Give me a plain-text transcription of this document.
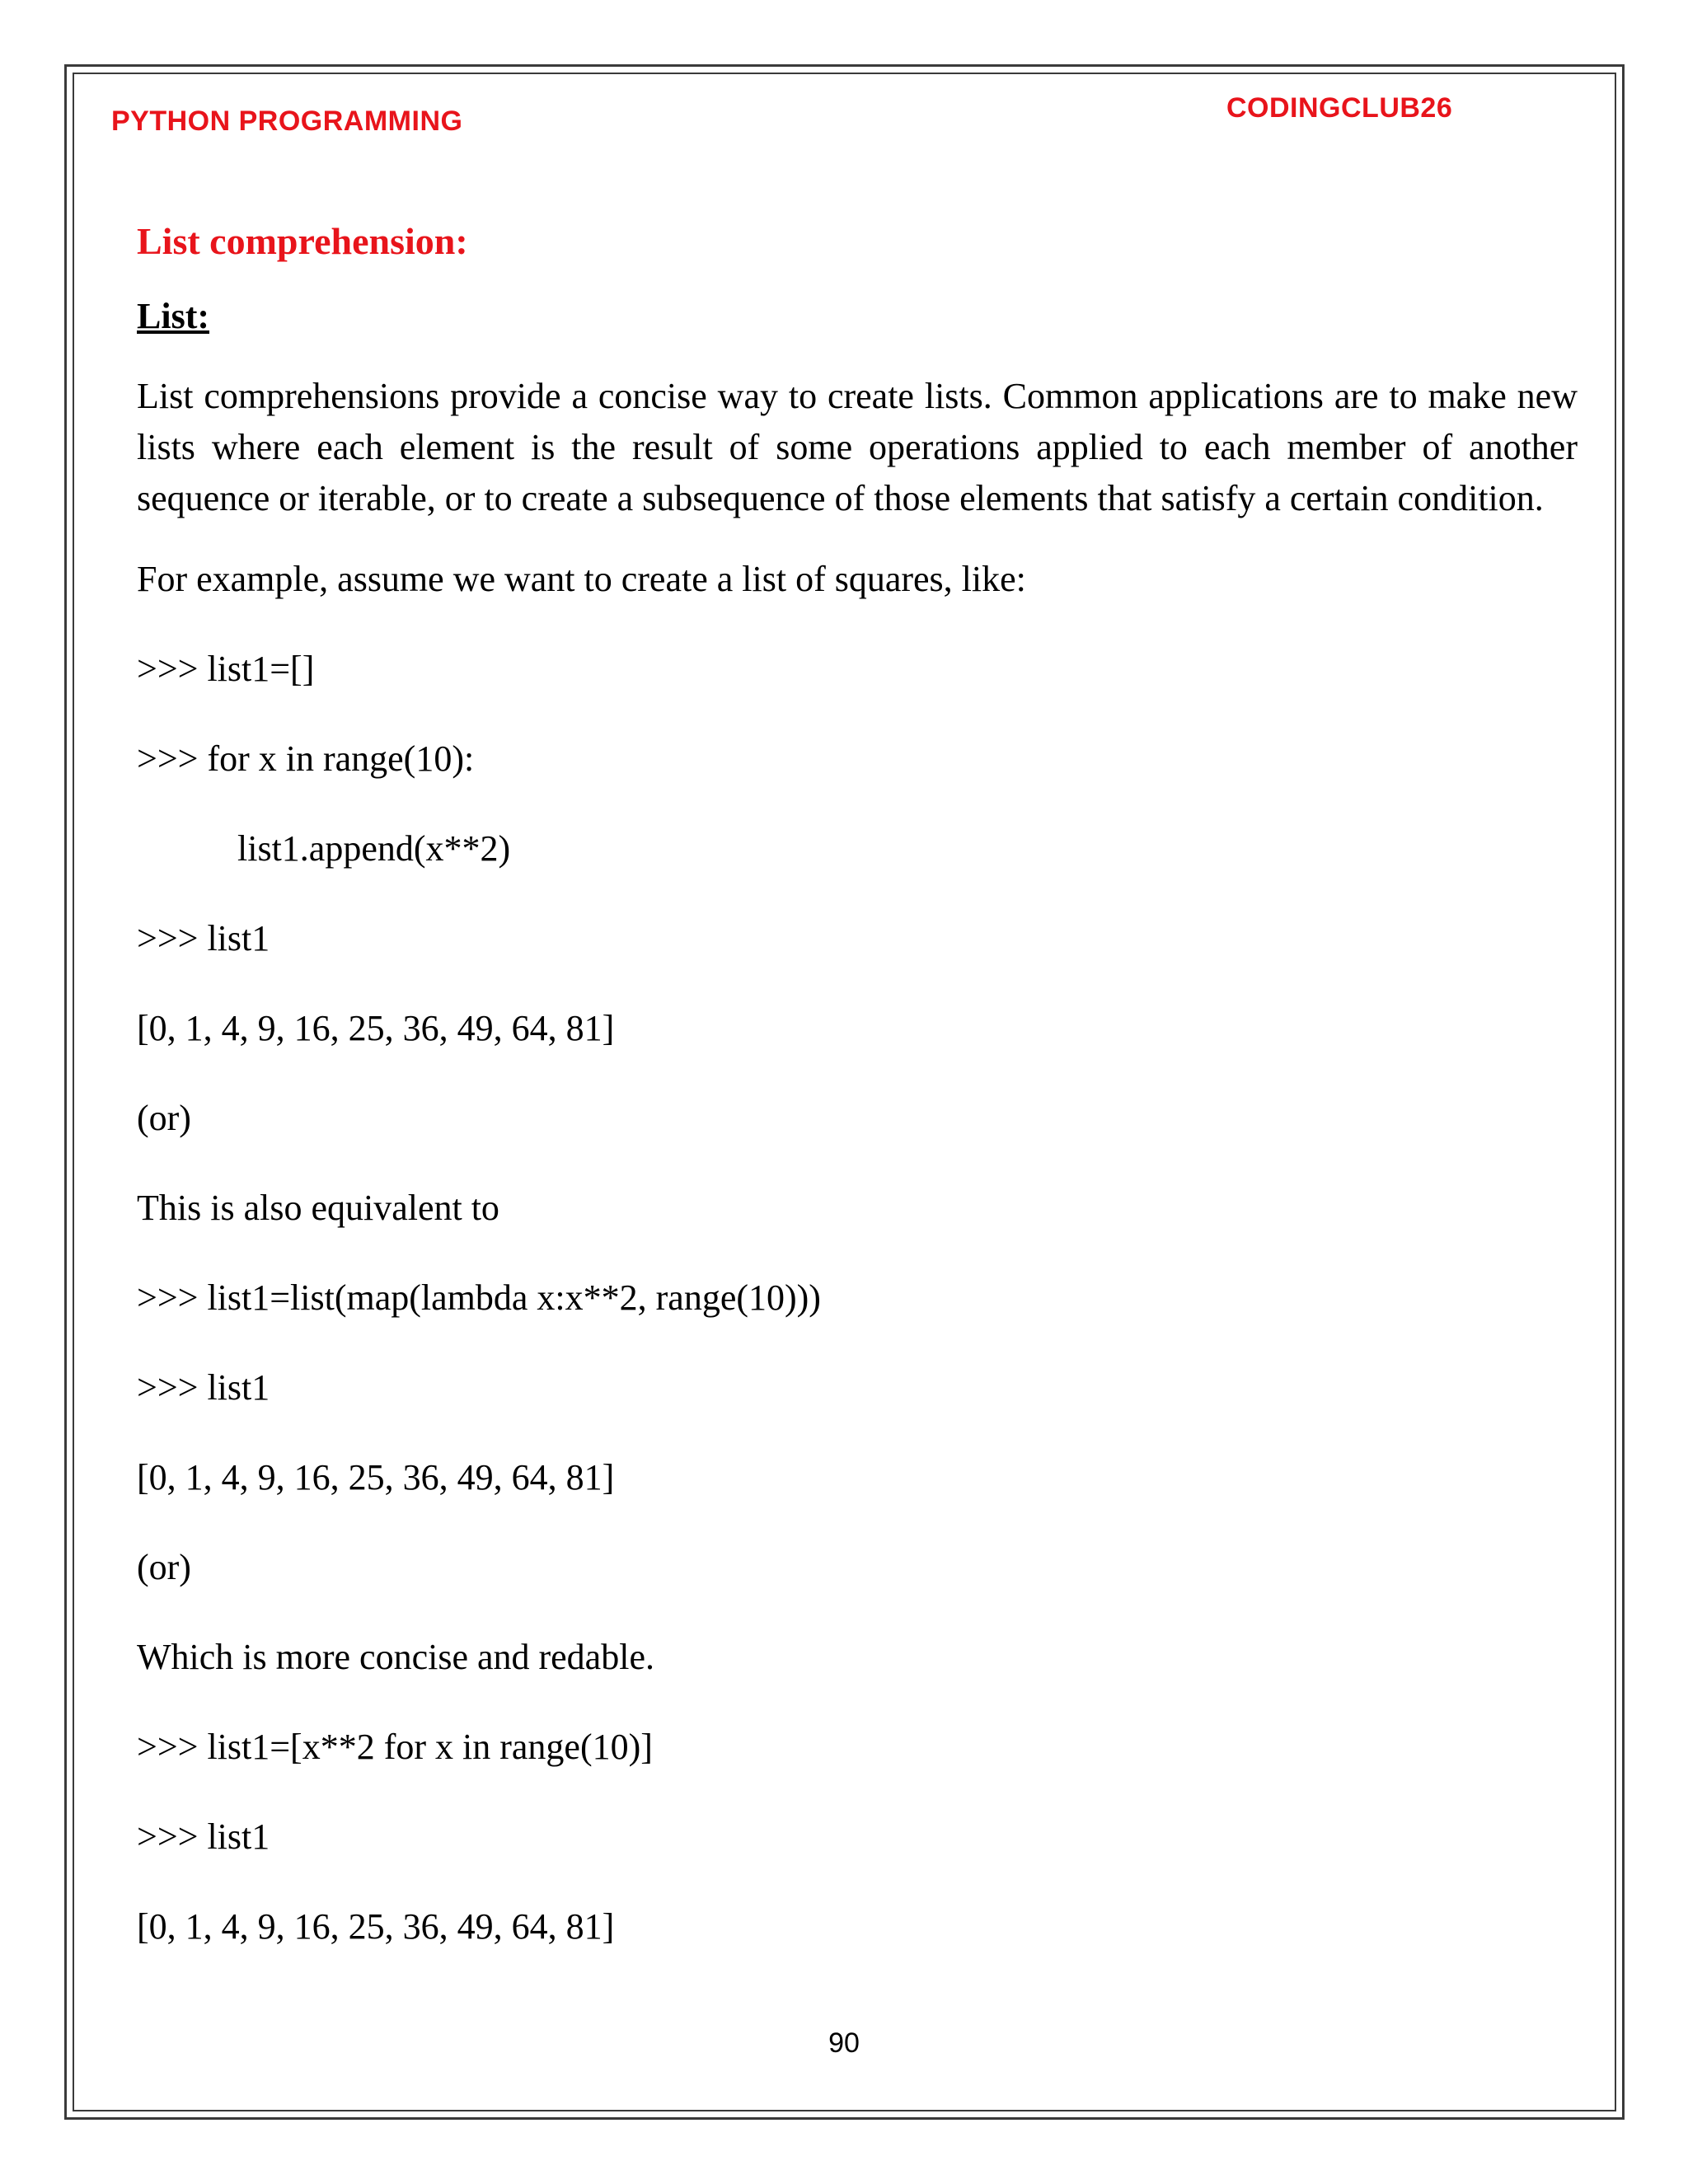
PYTHON PROGRAMMING	CODINGCLUB26
List comprehension:
List:

List comprehensions provide a concise way to create lists. Common applications are to make new lists where each element is the result of some operations applied to each member of another sequence or iterable, or to create a subsequence of those elements that satisfy a certain condition.

For example, assume we want to create a list of squares, like:
>>> list1=[]
>>> for x in range(10):
list1.append(x**2)
>>> list1
[0, 1, 4, 9, 16, 25, 36, 49, 64, 81]
(or)
This is also equivalent to
>>> list1=list(map(lambda x:x**2, range(10)))
>>> list1
[0, 1, 4, 9, 16, 25, 36, 49, 64, 81]
(or)
Which is more concise and redable.
>>> list1=[x**2 for x in range(10)]
>>> list1
[0, 1, 4, 9, 16, 25, 36, 49, 64, 81]
90
